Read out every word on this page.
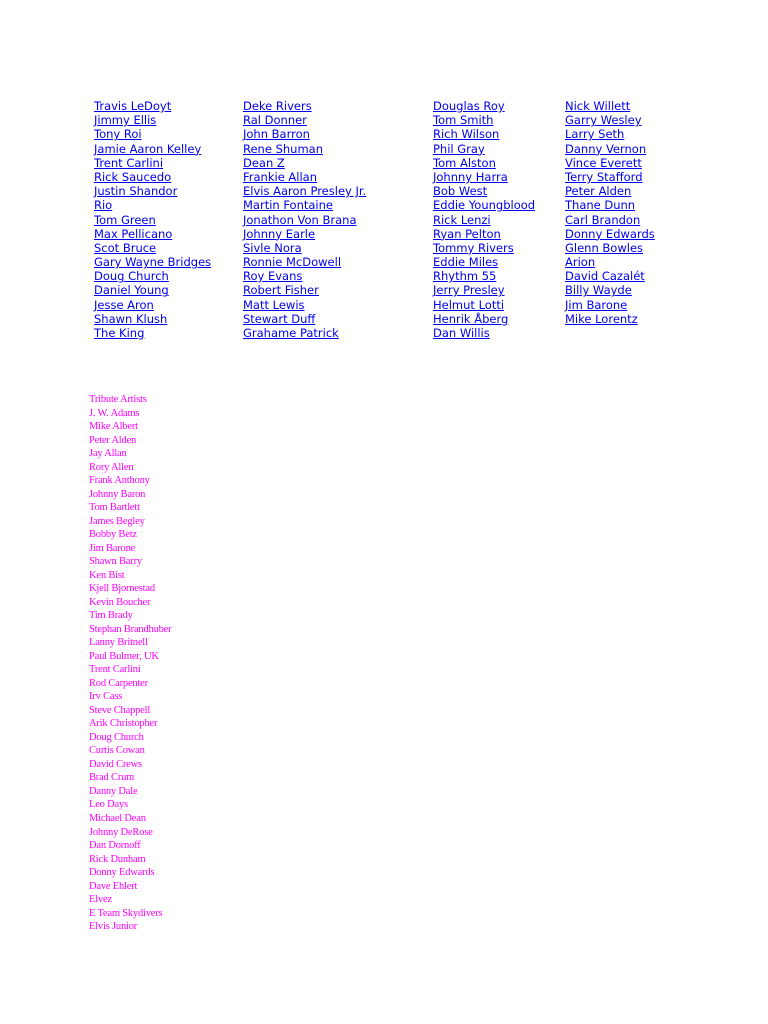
Travis LeDoyt
Jimmy Ellis
Tony Roi
Jamie Aaron Kelley
Trent Carlini
Rick Saucedo
Justin Shandor
Rio
Tom Green
Max Pellicano
Scot Bruce
Gary Wayne Bridges
Doug Church
Daniel Young
Jesse Aron
Shawn Klush
The King
Deke Rivers
Ral Donner
John Barron
Rene Shuman
Dean Z
Frankie Allan
Elvis Aaron Presley Jr.
Martin Fontaine
Jonathon Von Brana
Johnny Earle
Sivle Nora
Ronnie McDowell
Roy Evans
Robert Fisher
Matt Lewis
Stewart Duff
Grahame Patrick
Douglas Roy
Tom Smith
Rich Wilson
Phil Gray
Tom Alston
Johnny Harra
Bob West
Eddie Youngblood
Rick Lenzi
Ryan Pelton
Tommy Rivers
Eddie Miles
Rhythm 55
Jerry Presley
Helmut Lotti
Henrik Åberg
Dan Willis
Nick Willett
Garry Wesley
Larry Seth
Danny Vernon
Vince Everett
Terry Stafford
Peter Alden
Thane Dunn
Carl Brandon
Donny Edwards
Glenn Bowles
Arion
David Cazalét
Billy Wayde
Jim Barone
Mike Lorentz
Tribute Artists
J. W. Adams
Mike Albert
Peter Alden
Jay Allan
Rory Allen
Frank Anthony
Johnny Baron
Tom Bartlett
James Begley
Bobby Betz
Jim Barone
Shawn Barry
Ken Bist
Kjell Bjornestad
Kevin Boucher
Tim Brady
Stephan Brandhuber
Lanny Britnell
Paul Bulmer, UK
Trent Carlini
Rod Carpenter
Irv Cass
Steve Chappell
Arik Christopher
Doug Church
Curtis Cowan
David Crews
Brad Crum
Danny Dale
Leo Days
Michael Dean
Johnny DeRose
Dan Dornoff
Rick Dunham
Donny Edwards
Dave Ehlert
Elvez
E Team Skydivers
Elvis Junior
